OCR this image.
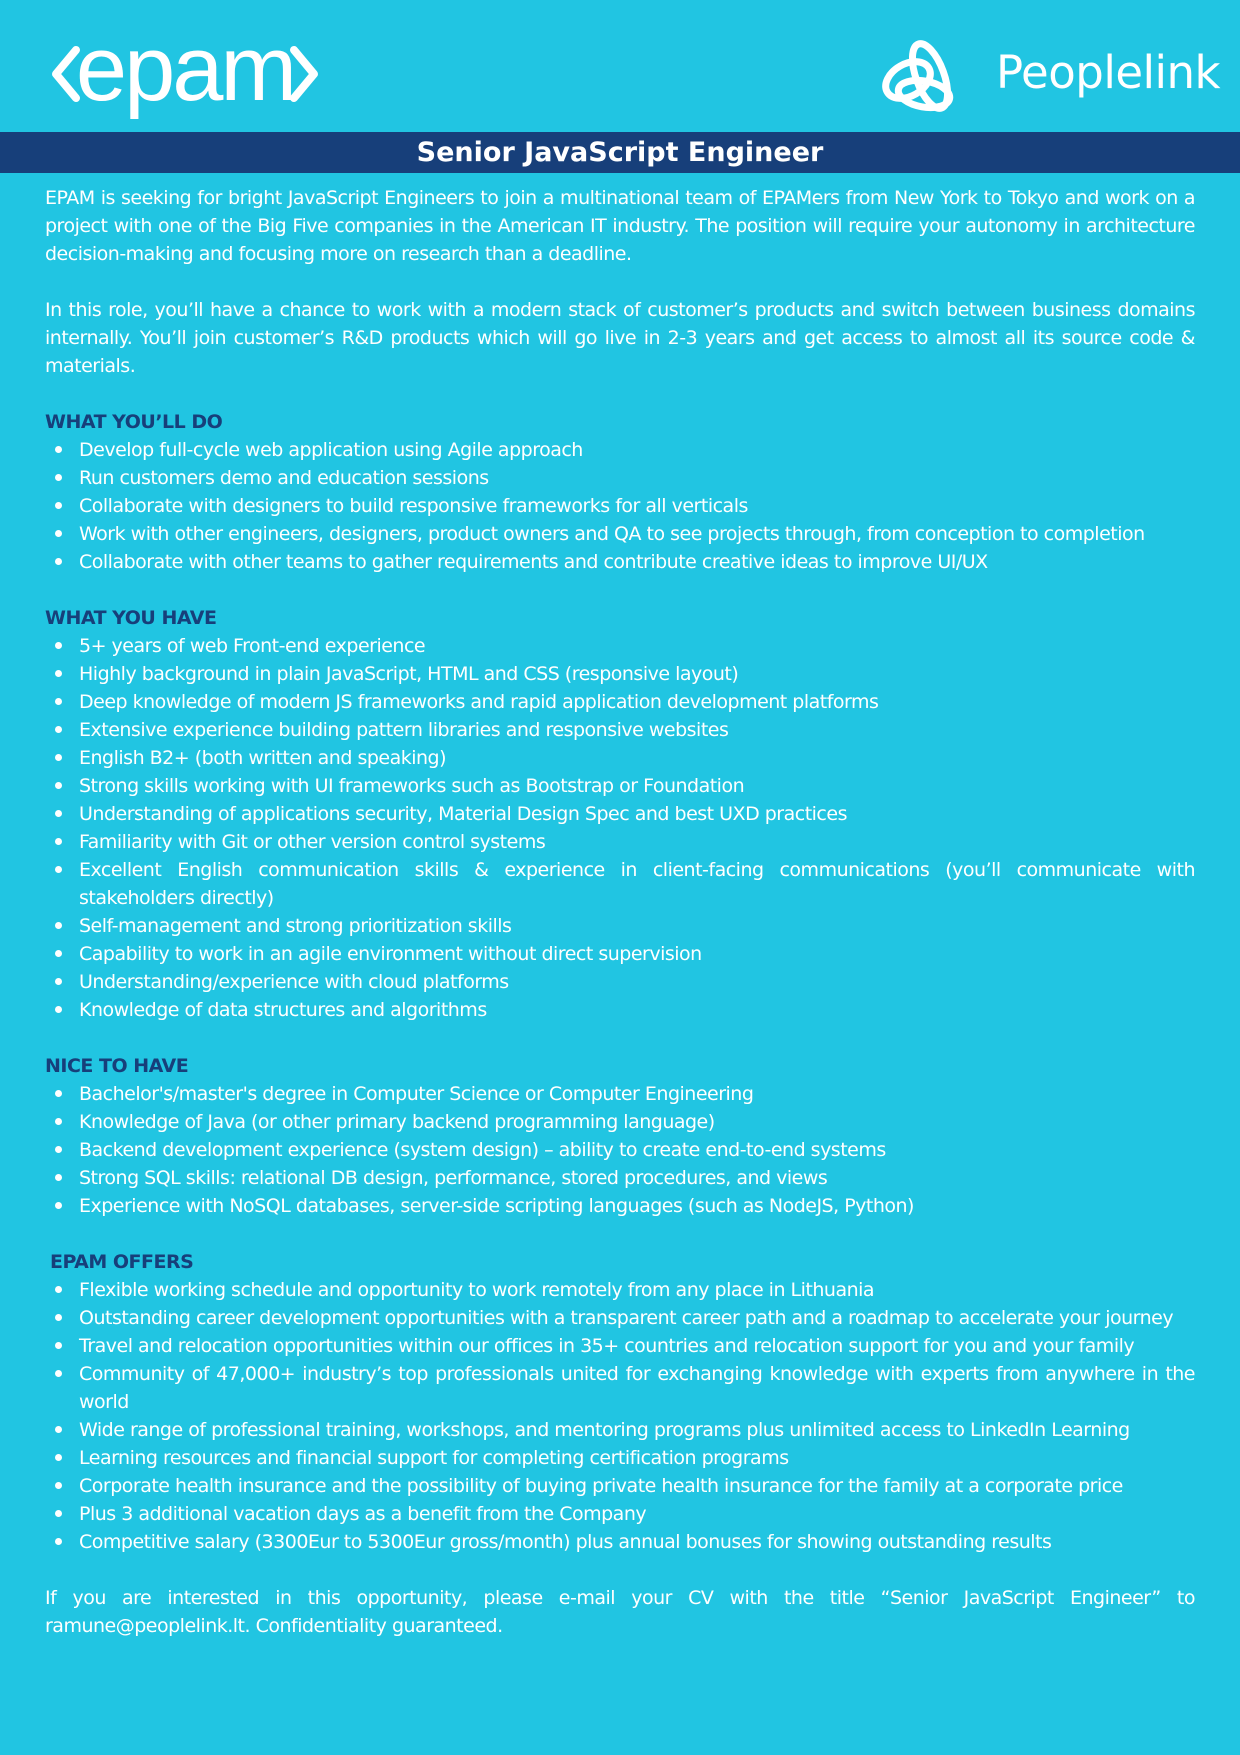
epam	Peoplelink
Senior JavaScript Engineer

EPAM is seeking for bright JavaScript Engineers to join a multinational team of EPAMers from New York to Tokyo and work on a project with one of the Big Five companies in the American IT industry. The position will require your autonomy in architecture decision-making and focusing more on research than a deadline.

In this role, you’ll have a chance to work with a modern stack of customer’s products and switch between business domains internally. You’ll join customer’s R&D products which will go live in 2-3 years and get access to almost all its source code & materials.

WHAT YOU’LL DO
Develop full-cycle web application using Agile approach
Run customers demo and education sessions
Collaborate with designers to build responsive frameworks for all verticals
Work with other engineers, designers, product owners and QA to see projects through, from conception to completion
Collaborate with other teams to gather requirements and contribute creative ideas to improve UI/UX
WHAT YOU HAVE
5+ years of web Front-end experience
Highly background in plain JavaScript, HTML and CSS (responsive layout)
Deep knowledge of modern JS frameworks and rapid application development platforms
Extensive experience building pattern libraries and responsive websites
English B2+ (both written and speaking)
Strong skills working with UI frameworks such as Bootstrap or Foundation
Understanding of applications security, Material Design Spec and best UXD practices
Familiarity with Git or other version control systems
Excellent English communication skills & experience in client-facing communications (you’ll communicate with stakeholders directly)
Self-management and strong prioritization skills
Capability to work in an agile environment without direct supervision
Understanding/experience with cloud platforms
Knowledge of data structures and algorithms
NICE TO HAVE
Bachelor's/master's degree in Computer Science or Computer Engineering
Knowledge of Java (or other primary backend programming language)
Backend development experience (system design) – ability to create end-to-end systems
Strong SQL skills: relational DB design, performance, stored procedures, and views
Experience with NoSQL databases, server-side scripting languages (such as NodeJS, Python)
EPAM OFFERS
Flexible working schedule and opportunity to work remotely from any place in Lithuania
Outstanding career development opportunities with a transparent career path and a roadmap to accelerate your journey
Travel and relocation opportunities within our offices in 35+ countries and relocation support for you and your family
Community of 47,000+ industry’s top professionals united for exchanging knowledge with experts from anywhere in the world
Wide range of professional training, workshops, and mentoring programs plus unlimited access to LinkedIn Learning
Learning resources and financial support for completing certification programs
Corporate health insurance and the possibility of buying private health insurance for the family at a corporate price
Plus 3 additional vacation days as a benefit from the Company
Competitive salary (3300Eur to 5300Eur gross/month) plus annual bonuses for showing outstanding results

If you are interested in this opportunity, please e-mail your CV with the title “Senior JavaScript Engineer” to ramune@peoplelink.lt. Confidentiality guaranteed.
